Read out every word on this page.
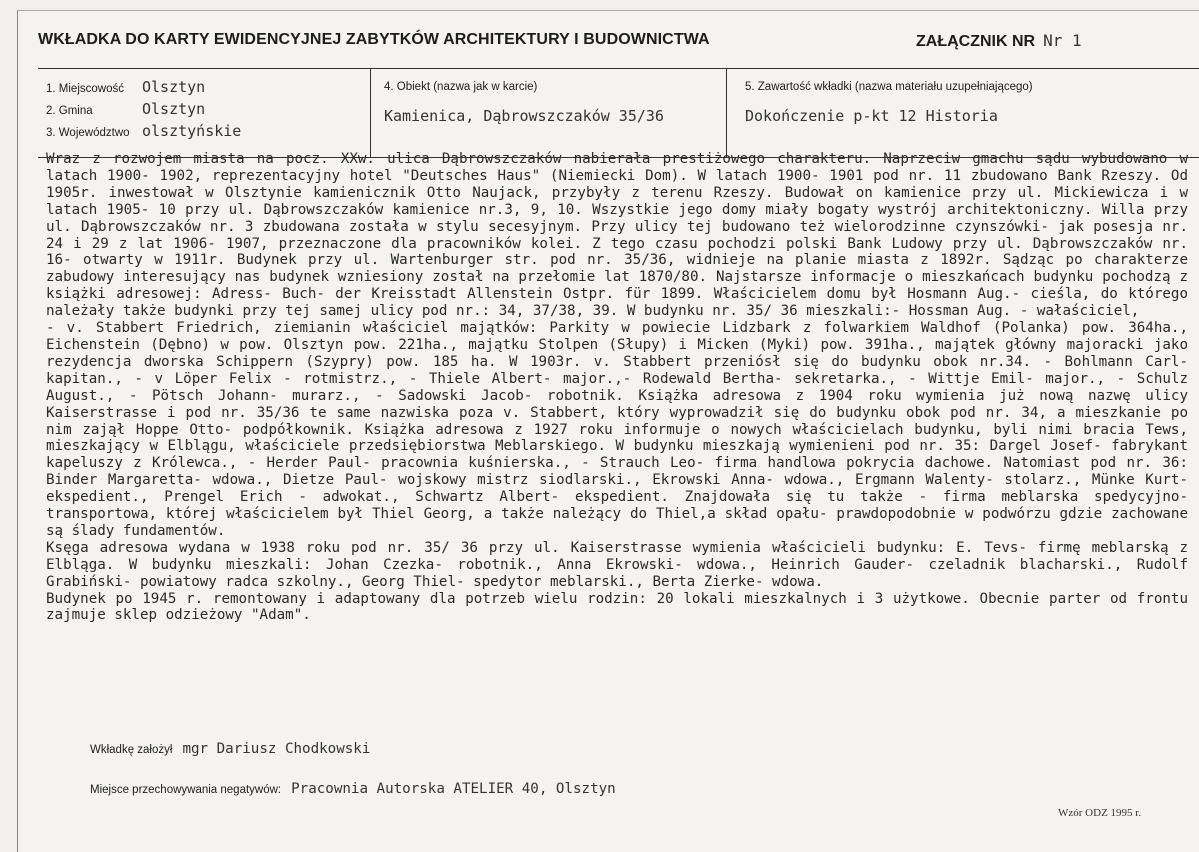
WKŁADKA DO KARTY EWIDENCYJNEJ ZABYTKÓW ARCHITEKTURY I BUDOWNICTWA	ZAŁĄCZNIK NR Nr 1
1. Miejscowość Olsztyn
2. Gmina	Olsztyn
3. Województwo olsztyńskie
4. Obiekt (nazwa jak w karcie)
Kamienica, Dąbrowszczaków 35/36
5. Zawartość wkładki (nazwa materiału uzupełniającego)
Dokończenie p-kt 12 Historia

Wraz z rozwojem miasta na pocz. XXw. ulica Dąbrowszczaków nabierała prestiżowego charakteru. Naprzeciw gmachu sądu wybudowano w latach 1900- 1902, reprezentacyjny hotel "Deutsches Haus" (Niemiecki Dom). W latach 1900- 1901 pod nr. 11 zbudowano Bank Rzeszy. Od 1905r. inwestował w Olsztynie kamienicznik Otto Naujack, przybyły z terenu Rzeszy. Budował on kamienice przy ul. Mickiewicza i w latach 1905- 10 przy ul. Dąbrowszczaków kamienice nr.3, 9, 10. Wszystkie jego domy miały bogaty wystrój architektoniczny. Willa przy ul. Dąbrowszczaków nr. 3 zbudowana została w stylu secesyjnym. Przy ulicy tej budowano też wielorodzinne czynszówki- jak posesja nr. 24 i 29 z lat 1906- 1907, przeznaczone dla pracowników kolei. Z tego czasu pochodzi polski Bank Ludowy przy ul. Dąbrowszczaków nr. 16- otwarty w 1911r. Budynek przy ul. Wartenburger str. pod nr. 35/36, widnieje na planie miasta z 1892r. Sądząc po charakterze zabudowy interesujący nas budynek wzniesiony został na przełomie lat 1870/80. Najstarsze informacje o mieszkańcach budynku pochodzą z książki adresowej: Adress- Buch- der Kreisstadt Allenstein Ostpr. für 1899. Właścicielem domu był Hosmann Aug.- cieśla, do którego należały także budynki przy tej samej ulicy pod nr.: 34, 37/38, 39. W budynku nr. 35/ 36 mieszkali:- Hossman Aug. - wałaściciel,

- v. Stabbert Friedrich, ziemianin właściciel majątków: Parkity w powiecie Lidzbark z folwarkiem Waldhof (Polanka) pow. 364ha., Eichenstein (Dębno) w pow. Olsztyn pow. 221ha., majątku Stolpen (Słupy) i Micken (Myki) pow. 391ha., majątek główny majoracki jako rezydencja dworska Schippern (Szypry) pow. 185 ha. W 1903r. v. Stabbert przeniósł się do budynku obok nr.34. - Bohlmann Carl- kapitan., - v Löper Felix - rotmistrz., - Thiele Albert- major.,- Rodewald Bertha- sekretarka., - Wittje Emil- major., - Schulz August., - Pötsch Johann- murarz., - Sadowski Jacob- robotnik. Książka adresowa z 1904 roku wymienia już nową nazwę ulicy Kaiserstrasse i pod nr. 35/36 te same nazwiska poza v. Stabbert, który wyprowadził się do budynku obok pod nr. 34, a mieszkanie po nim zajął Hoppe Otto- podpółkownik. Książka adresowa z 1927 roku informuje o nowych właścicielach budynku, byli nimi bracia Tews, mieszkający w Elblągu, właściciele przedsiębiorstwa Meblarskiego. W budynku mieszkają wymienieni pod nr. 35: Dargel Josef- fabrykant kapeluszy z Królewca., - Herder Paul- pracownia kuśnierska., - Strauch Leo- firma handlowa pokrycia dachowe. Natomiast pod nr. 36: Binder Margaretta- wdowa., Dietze Paul- wojskowy mistrz siodlarski., Ekrowski Anna- wdowa., Ergmann Walenty- stolarz., Münke Kurt- ekspedient., Prengel Erich - adwokat., Schwartz Albert- ekspedient. Znajdowała się tu także - firma meblarska spedycyjno- transportowa, której właścicielem był Thiel Georg, a także należący do Thiel,a skład opału- prawdopodobnie w podwórzu gdzie zachowane są ślady fundamentów.

Ksęga adresowa wydana w 1938 roku pod nr. 35/ 36 przy ul. Kaiserstrasse wymienia właścicieli budynku: E. Tevs- firmę meblarską z Elbląga. W budynku mieszkali: Johan Czezka- robotnik., Anna Ekrowski- wdowa., Heinrich Gauder- czeladnik blacharski., Rudolf Grabiński- powiatowy radca szkolny., Georg Thiel- spedytor meblarski., Berta Zierke- wdowa.

Budynek po 1945 r. remontowany i adaptowany dla potrzeb wielu rodzin: 20 lokali mieszkalnych i 3 użytkowe. Obecnie parter od frontu zajmuje sklep odzieżowy "Adam".

Wkładkę założył mgr Dariusz Chodkowski
Miejsce przechowywania negatywów: Pracownia Autorska ATELIER 40, Olsztyn
Wzór ODZ 1995 r.
